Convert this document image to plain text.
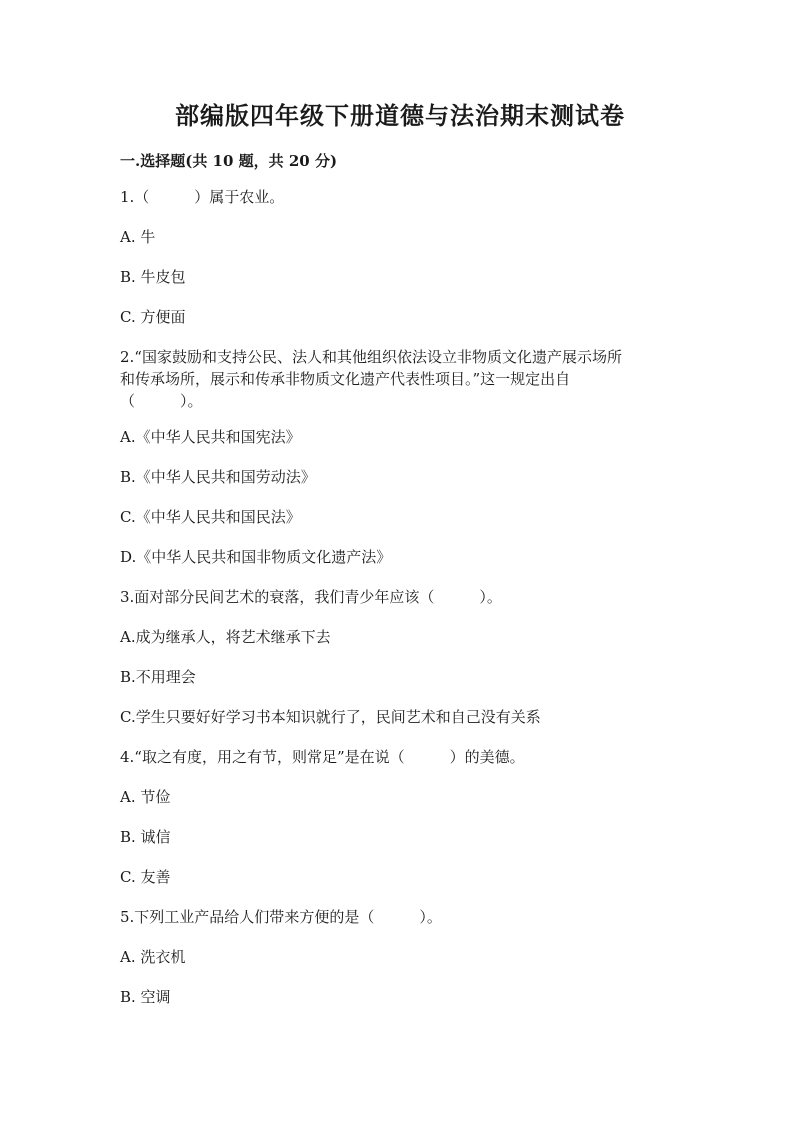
部编版四年级下册道德与法治期末测试卷
一.选择题(共 10 题，共 20 分)
1.（　　　）属于农业。
A. 牛
B. 牛皮包
C. 方便面
2.“国家鼓励和支持公民、法人和其他组织依法设立非物质文化遗产展示场所
和传承场所，展示和传承非物质文化遗产代表性项目。”这一规定出自
（　　　）。
A.《中华人民共和国宪法》
B.《中华人民共和国劳动法》
C.《中华人民共和国民法》
D.《中华人民共和国非物质文化遗产法》
3.面对部分民间艺术的衰落，我们青少年应该（　　　）。
A.成为继承人，将艺术继承下去
B.不用理会
C.学生只要好好学习书本知识就行了，民间艺术和自己没有关系
4.“取之有度，用之有节，则常足”是在说（　　　）的美德。
A. 节俭
B. 诚信
C. 友善
5.下列工业产品给人们带来方便的是（　　　）。
A. 洗衣机
B. 空调
